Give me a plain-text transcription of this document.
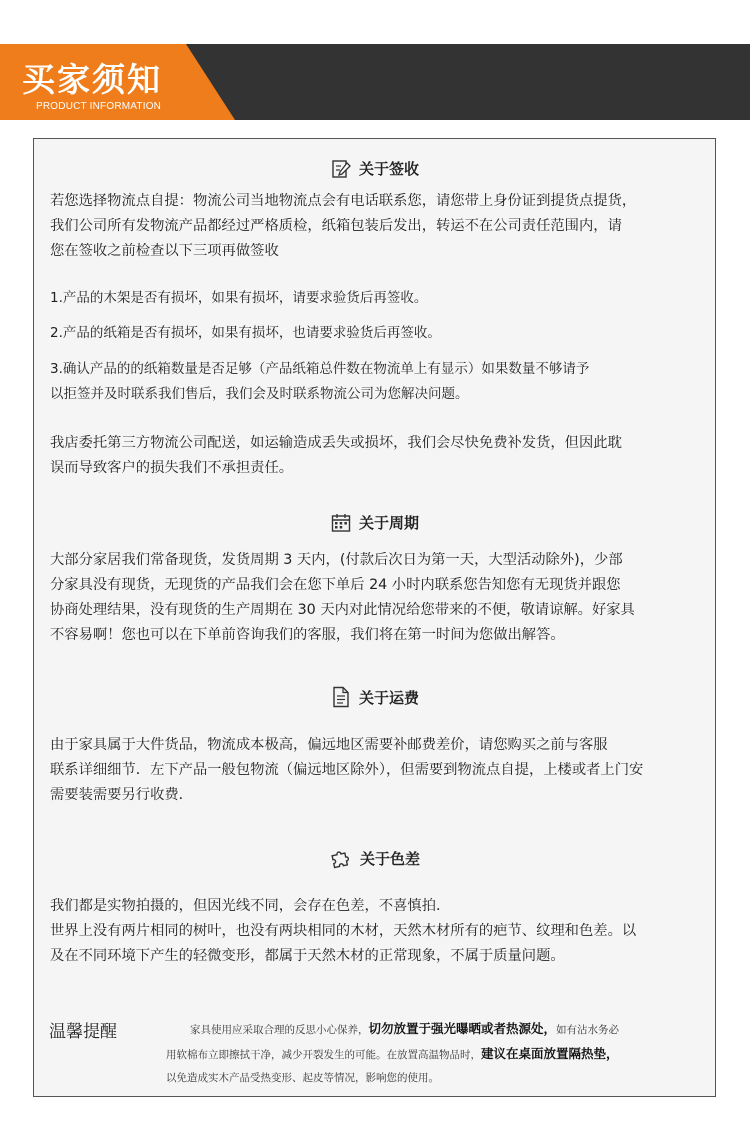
买家须知
PRODUCT INFORMATION
关于签收
若您选择物流点自提：物流公司当地物流点会有电话联系您，请您带上身份证到提货点提货，
我们公司所有发物流产品都经过严格质检，纸箱包装后发出，转运不在公司责任范围内，请
您在签收之前检查以下三项再做签收
1.产品的木架是否有损坏，如果有损坏，请要求验货后再签收。
2.产品的纸箱是否有损坏，如果有损坏，也请要求验货后再签收。
3.确认产品的的纸箱数量是否足够（产品纸箱总件数在物流单上有显示）如果数量不够请予
以拒签并及时联系我们售后，我们会及时联系物流公司为您解决问题。
我店委托第三方物流公司配送，如运输造成丢失或损坏，我们会尽快免费补发货，但因此耽
误而导致客户的损失我们不承担责任。
关于周期
大部分家居我们常备现货，发货周期 3 天内，(付款后次日为第一天，大型活动除外)，少部
分家具没有现货，无现货的产品我们会在您下单后 24 小时内联系您告知您有无现货并跟您
协商处理结果，没有现货的生产周期在 30 天内对此情况给您带来的不便，敬请谅解。好家具
不容易啊！您也可以在下单前咨询我们的客服，我们将在第一时间为您做出解答。
关于运费
由于家具属于大件货品，物流成本极高，偏远地区需要补邮费差价，请您购买之前与客服
联系详细细节．左下产品一般包物流（偏远地区除外），但需要到物流点自提，上楼或者上门安
需要装需要另行收费．
关于色差
我们都是实物拍摄的，但因光线不同，会存在色差，不喜慎拍．
世界上没有两片相同的树叶，也没有两块相同的木材，天然木材所有的疤节、纹理和色差。以
及在不同环境下产生的轻微变形，都属于天然木材的正常现象，不属于质量问题。
温馨提醒	家具使用应采取合理的反思小心保养，切勿放置于强光曝晒或者热源处，如有沾水务必
用软棉布立即擦拭干净，减少开裂发生的可能。在放置高温物品时，建议在桌面放置隔热垫，
以免造成实木产品受热变形、起皮等情况，影响您的使用。
